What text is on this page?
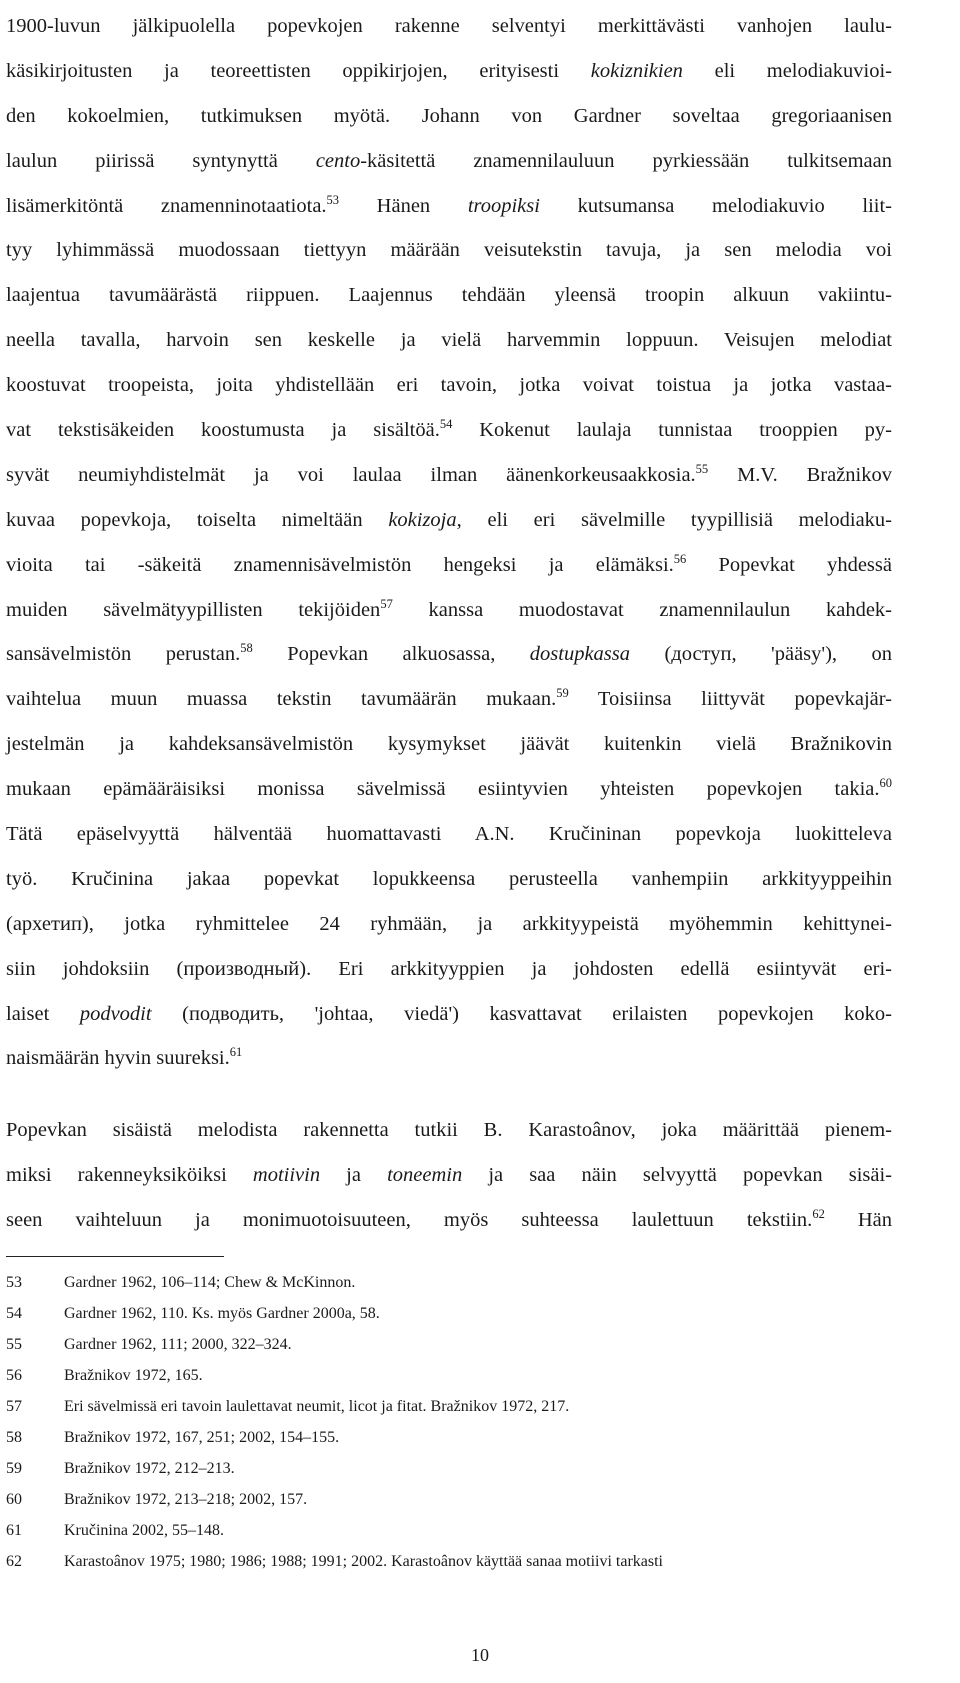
1900-luvun jälkipuolella popevkojen rakenne selventyi merkittävästi vanhojen laulu-
käsikirjoitusten ja teoreettisten oppikirjojen, erityisesti kokiznikien eli melodiakuvioi-
den kokoelmien, tutkimuksen myötä. Johann von Gardner soveltaa gregoriaanisen
laulun piirissä syntynyttä cento-käsitettä znamennilauluun pyrkiessään tulkitsemaan
lisämerkitöntä znamenninotaatiota.$^{53}$ Hänen troopiksi kutsumansa melodiakuvio liit-
tyy lyhimmässä muodossaan tiettyyn määrään veisutekstin tavuja, ja sen melodia voi
laajentua tavumäärästä riippuen. Laajennus tehdään yleensä troopin alkuun vakiintu-
neella tavalla, harvoin sen keskelle ja vielä harvemmin loppuun. Veisujen melodiat
koostuvat troopeista, joita yhdistellään eri tavoin, jotka voivat toistua ja jotka vastaa-
vat tekstisäkeiden koostumusta ja sisältöä.$^{54}$ Kokenut laulaja tunnistaa trooppien py-
syvät neumiyhdistelmät ja voi laulaa ilman äänenkorkeusaakkosia.$^{55}$ M.V. Bražnikov
kuvaa popevkoja, toiselta nimeltään kokizoja, eli eri sävelmille tyypillisiä melodiaku-
vioita tai -säkeitä znamennisävelmistön hengeksi ja elämäksi.$^{56}$ Popevkat yhdessä
muiden sävelmätyypillisten tekijöiden$^{57}$ kanssa muodostavat znamennilaulun kahdek-
sansävelmistön perustan.$^{58}$ Popevkan alkuosassa, dostupkassa (доступ, 'pääsy'), on
vaihtelua muun muassa tekstin tavumäärän mukaan.$^{59}$ Toisiinsa liittyvät popevkajär-
jestelmän ja kahdeksansävelmistön kysymykset jäävät kuitenkin vielä Bražnikovin
mukaan epämääräisiksi monissa sävelmissä esiintyvien yhteisten popevkojen takia.$^{60}$
Tätä epäselvyyttä hälventää huomattavasti A.N. Kručininan popevkoja luokitteleva
työ. Kručinina jakaa popevkat lopukkeensa perusteella vanhempiin arkkityyppeihin
(архетип), jotka ryhmittelee 24 ryhmään, ja arkkityypeistä myöhemmin kehittynei-
siin johdoksiin (производный). Eri arkkityyppien ja johdosten edellä esiintyvät eri-
laiset podvodit (подводить, 'johtaa, viedä') kasvattavat erilaisten popevkojen koko-
naismäärän hyvin suureksi.$^{61}$
Popevkan sisäistä melodista rakennetta tutkii B. Karastoânov, joka määrittää pienem-
miksi rakenneyksiköiksi motiivin ja toneemin ja saa näin selvyyttä popevkan sisäi-
seen vaihteluun ja monimuotoisuuteen, myös suhteessa laulettuun tekstiin.$^{62}$ Hän
53	Gardner 1962, 106–114; Chew & McKinnon.
54	Gardner 1962, 110. Ks. myös Gardner 2000a, 58.
55	Gardner 1962, 111; 2000, 322–324.
56	Bražnikov 1972, 165.
57	Eri sävelmissä eri tavoin laulettavat neumit, licot ja fitat. Bražnikov 1972, 217.
58	Bražnikov 1972, 167, 251; 2002, 154–155.
59	Bražnikov 1972, 212–213.
60	Bražnikov 1972, 213–218; 2002, 157.
61	Kručinina 2002, 55–148.
62	Karastoânov 1975; 1980; 1986; 1988; 1991; 2002. Karastoânov käyttää sanaa motiivi tarkasti
10
